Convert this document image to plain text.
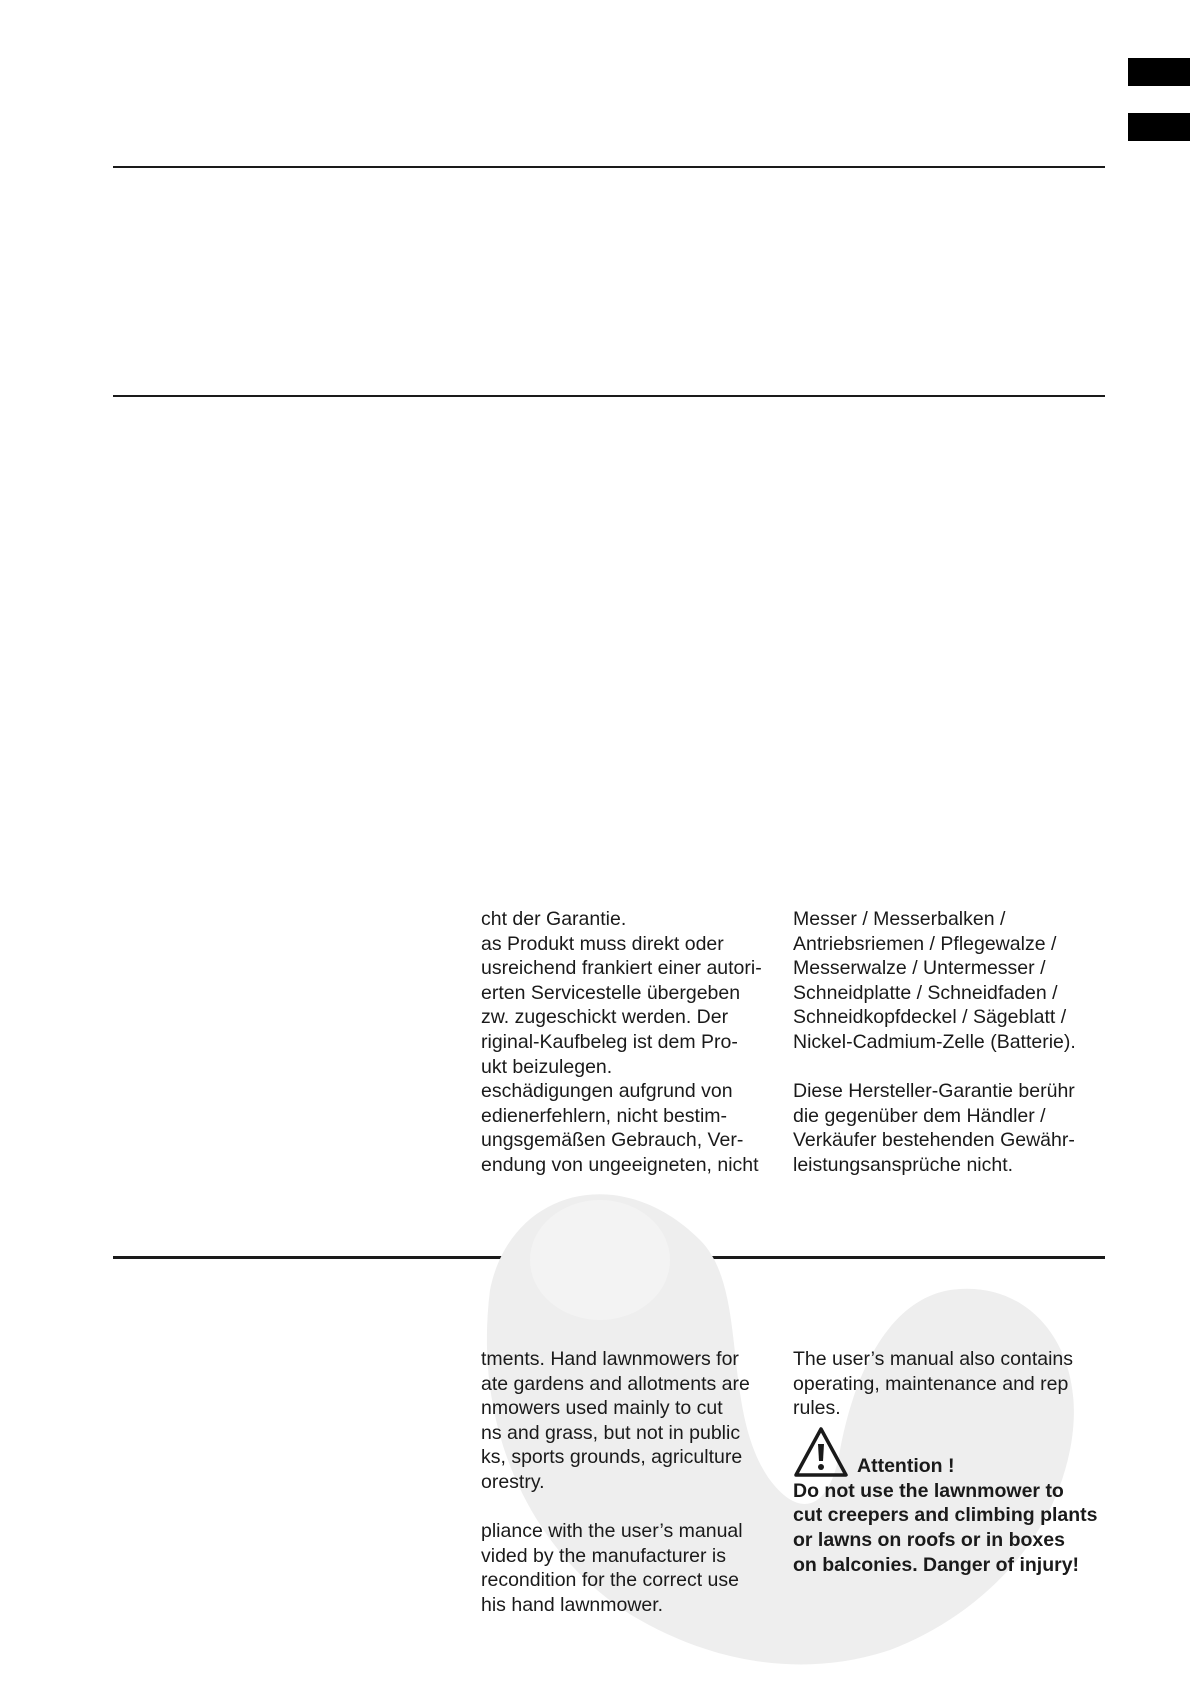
cht der Garantie.
as Produkt muss direkt oder
usreichend frankiert einer autori-
erten Servicestelle übergeben
zw. zugeschickt werden. Der
riginal-Kaufbeleg ist dem Pro-
ukt beizulegen.
eschädigungen aufgrund von
edienerfehlern, nicht bestim-
ungsgemäßen Gebrauch, Ver-
endung von ungeeigneten, nicht
Messer / Messerbalken /
Antriebsriemen / Pflegewalze /
Messerwalze / Untermesser /
Schneidplatte / Schneidfaden /
Schneidkopfdeckel / Sägeblatt /
Nickel-Cadmium-Zelle (Batterie).
Diese Hersteller-Garantie berühr
die gegenüber dem Händler /
Verkäufer bestehenden Gewähr-
leistungsansprüche nicht.
tments. Hand lawnmowers for
ate gardens and allotments are
nmowers used mainly to cut
ns and grass, but not in public
ks, sports grounds, agriculture
orestry.
pliance with the user’s manual
vided by the manufacturer is
recondition for the correct use
his hand lawnmower.
The user’s manual also contains
operating, maintenance and rep
rules.
Attention !
Do not use the lawnmower to
cut creepers and climbing plants
or lawns on roofs or in boxes
on balconies. Danger of injury!
